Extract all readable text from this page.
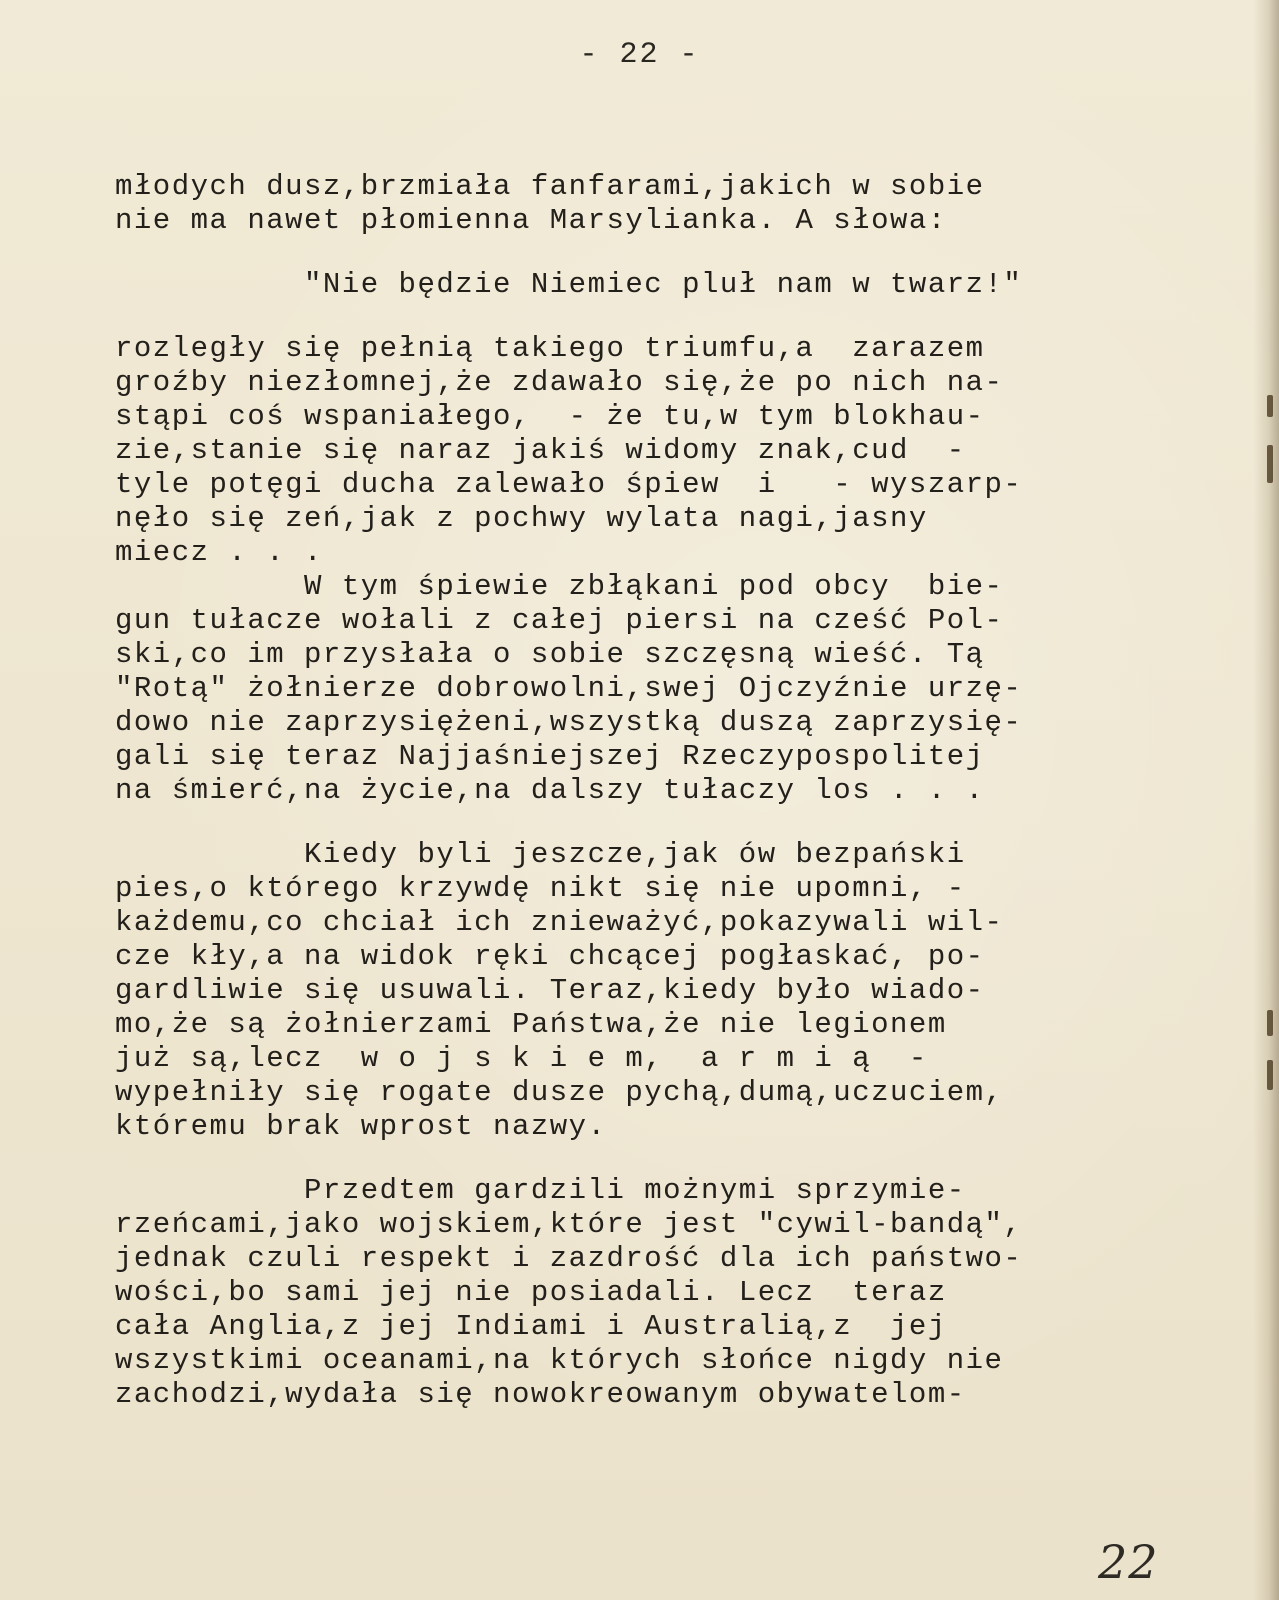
- 22 -
młodych dusz,brzmiała fanfarami,jakich w sobie
nie ma nawet płomienna Marsylianka. A słowa:
"Nie będzie Niemiec pluł nam w twarz!"
rozległy się pełnią takiego triumfu,a  zarazem
groźby niezłomnej,że zdawało się,że po nich na-
stąpi coś wspaniałego,  - że tu,w tym blokhau-
zie,stanie się naraz jakiś widomy znak,cud  -
tyle potęgi ducha zalewało śpiew  i   - wyszarp-
nęło się zeń,jak z pochwy wylata nagi,jasny
miecz . . .
W tym śpiewie zbłąkani pod obcy  bie-
gun tułacze wołali z całej piersi na cześć Pol-
ski,co im przysłała o sobie szczęsną wieść. Tą
"Rotą" żołnierze dobrowolni,swej Ojczyźnie urzę-
dowo nie zaprzysiężeni,wszystką duszą zaprzysię-
gali się teraz Najjaśniejszej Rzeczypospolitej
na śmierć,na życie,na dalszy tułaczy los . . .
Kiedy byli jeszcze,jak ów bezpański
pies,o którego krzywdę nikt się nie upomni, -
każdemu,co chciał ich znieważyć,pokazywali wil-
cze kły,a na widok ręki chcącej pogłaskać, po-
gardliwie się usuwali. Teraz,kiedy było wiado-
mo,że są żołnierzami Państwa,że nie legionem
już są,lecz  w o j s k i e m,  a r m i ą  -
wypełniły się rogate dusze pychą,dumą,uczuciem,
któremu brak wprost nazwy.
Przedtem gardzili możnymi sprzymie-
rzeńcami,jako wojskiem,które jest "cywil-bandą",
jednak czuli respekt i zazdrość dla ich państwo-
wości,bo sami jej nie posiadali. Lecz  teraz
cała Anglia,z jej Indiami i Australią,z  jej
wszystkimi oceanami,na których słońce nigdy nie
zachodzi,wydała się nowokreowanym obywatelom-
22
